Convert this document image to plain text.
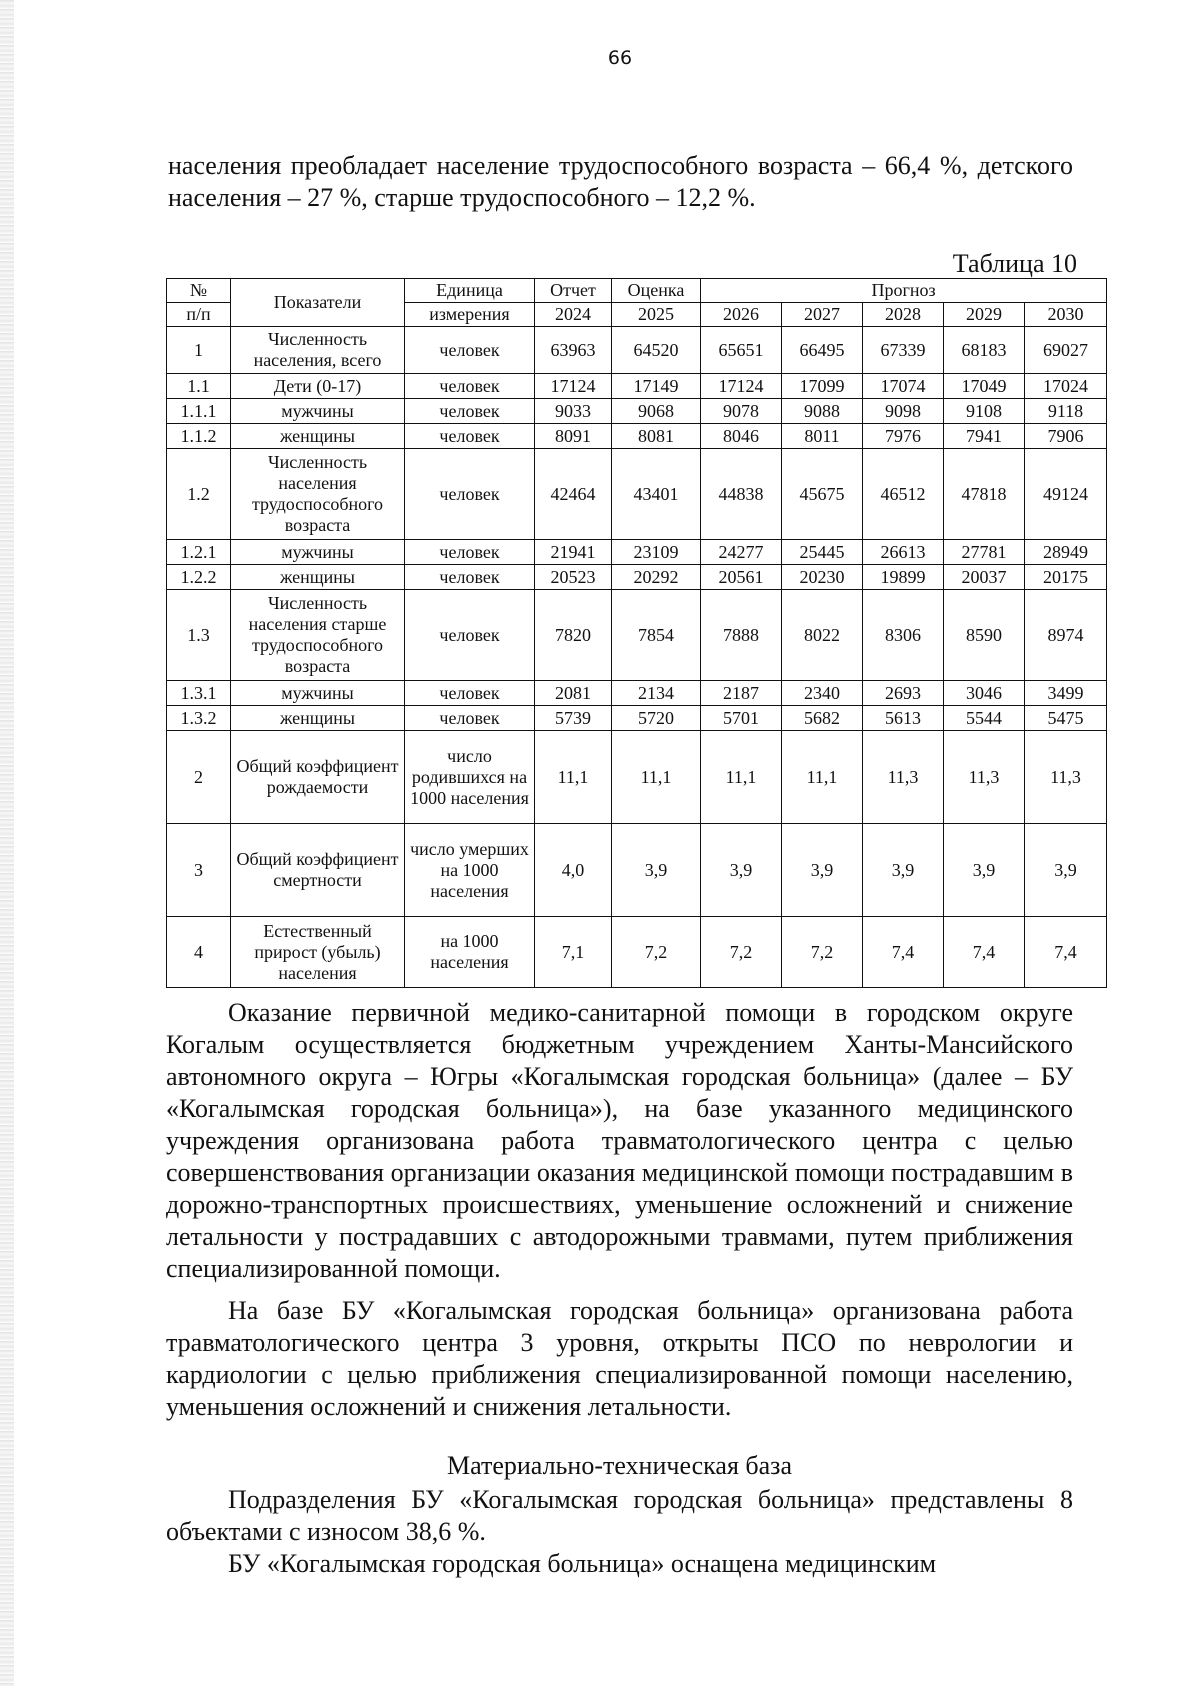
66

населения преобладает население трудоспособного возраста – 66,4 %, детского населения – 27 %, старше трудоспособного – 12,2 %.

Таблица 10
№	Показатели	Единица	Отчет	Оценка	Прогноз				
п/п		измерения	2024	2025	2026	2027	2028	2029	2030
1	Численность населения, всего	человек	63963	64520	65651	66495	67339	68183	69027
1.1	Дети (0-17)	человек	17124	17149	17124	17099	17074	17049	17024
1.1.1	мужчины	человек	9033	9068	9078	9088	9098	9108	9118
1.1.2	женщины	человек	8091	8081	8046	8011	7976	7941	7906
1.2	Численность населения трудоспособного возраста	человек	42464	43401	44838	45675	46512	47818	49124
1.2.1	мужчины	человек	21941	23109	24277	25445	26613	27781	28949
1.2.2	женщины	человек	20523	20292	20561	20230	19899	20037	20175
1.3	Численность населения старше трудоспособного возраста	человек	7820	7854	7888	8022	8306	8590	8974
1.3.1	мужчины	человек	2081	2134	2187	2340	2693	3046	3499
1.3.2	женщины	человек	5739	5720	5701	5682	5613	5544	5475
2	Общий коэффициент рождаемости	число родившихся на 1000 населения	11,1	11,1	11,1	11,1	11,3	11,3	11,3
3	Общий коэффициент смертности	число умерших на 1000 населения	4,0	3,9	3,9	3,9	3,9	3,9	3,9
4	Естественный прирост (убыль) населения	на 1000 населения	7,1	7,2	7,2	7,2	7,4	7,4	7,4

Оказание первичной медико-санитарной помощи в городском округе Когалым осуществляется бюджетным учреждением Ханты-Мансийского автономного округа – Югры «Когалымская городская больница» (далее – БУ «Когалымская городская больница»), на базе указанного медицинского учреждения организована работа травматологического центра с целью совершенствования организации оказания медицинской помощи пострадавшим в дорожно-транспортных происшествиях, уменьшение осложнений и снижение летальности у пострадавших с автодорожными травмами, путем приближения специализированной помощи.

На базе БУ «Когалымская городская больница» организована работа травматологического центра 3 уровня, открыты ПСО по неврологии и кардиологии с целью приближения специализированной помощи населению, уменьшения осложнений и снижения летальности.

Материально-техническая база

Подразделения БУ «Когалымская городская больница» представлены 8 объектами с износом 38,6 %.

БУ «Когалымская городская больница» оснащена медицинским
